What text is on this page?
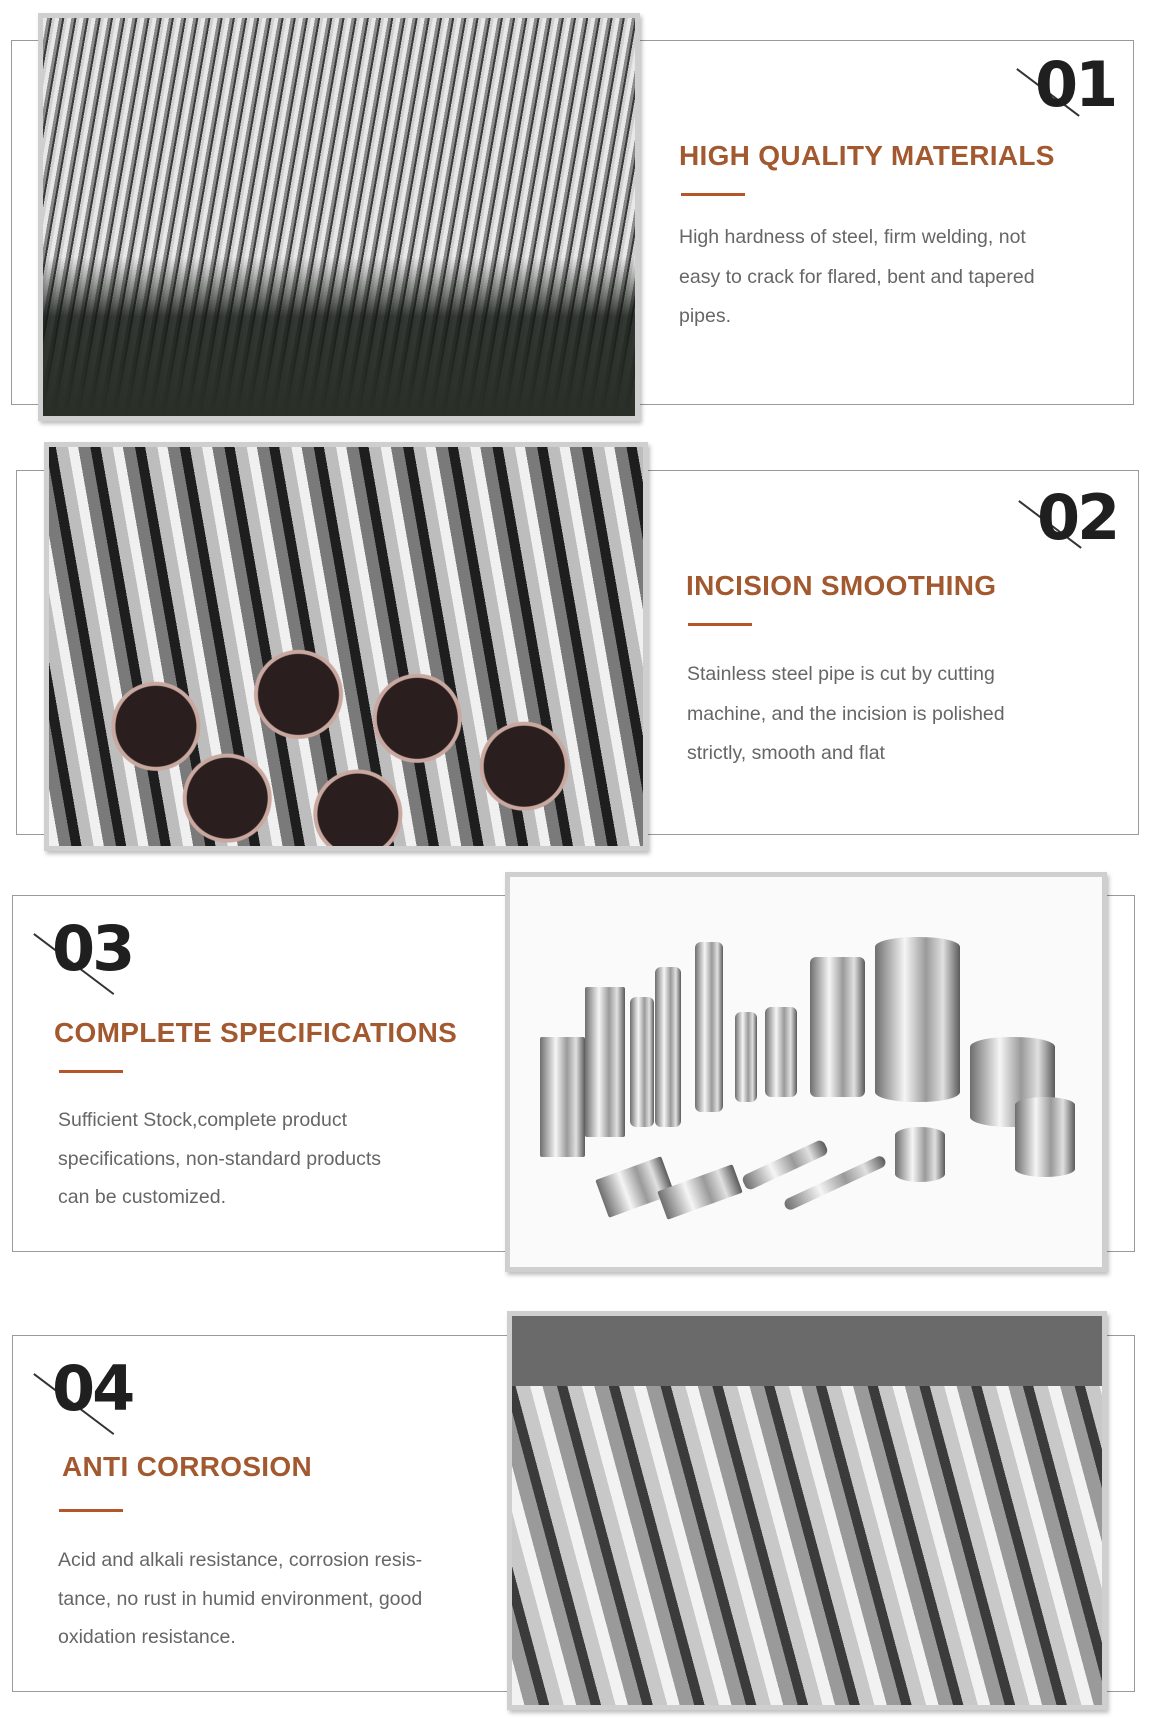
01
HIGH QUALITY MATERIALS
High hardness of steel, firm welding, not
easy to crack for flared, bent and tapered
pipes.
02
INCISION SMOOTHING
Stainless steel pipe is cut by cutting
machine, and the incision is polished
strictly, smooth and flat
03
COMPLETE SPECIFICATIONS
Sufficient Stock,complete product
specifications, non-standard products
can be customized.
04
ANTI CORROSION
Acid and alkali resistance, corrosion resis-
tance, no rust in humid environment, good
oxidation resistance.
